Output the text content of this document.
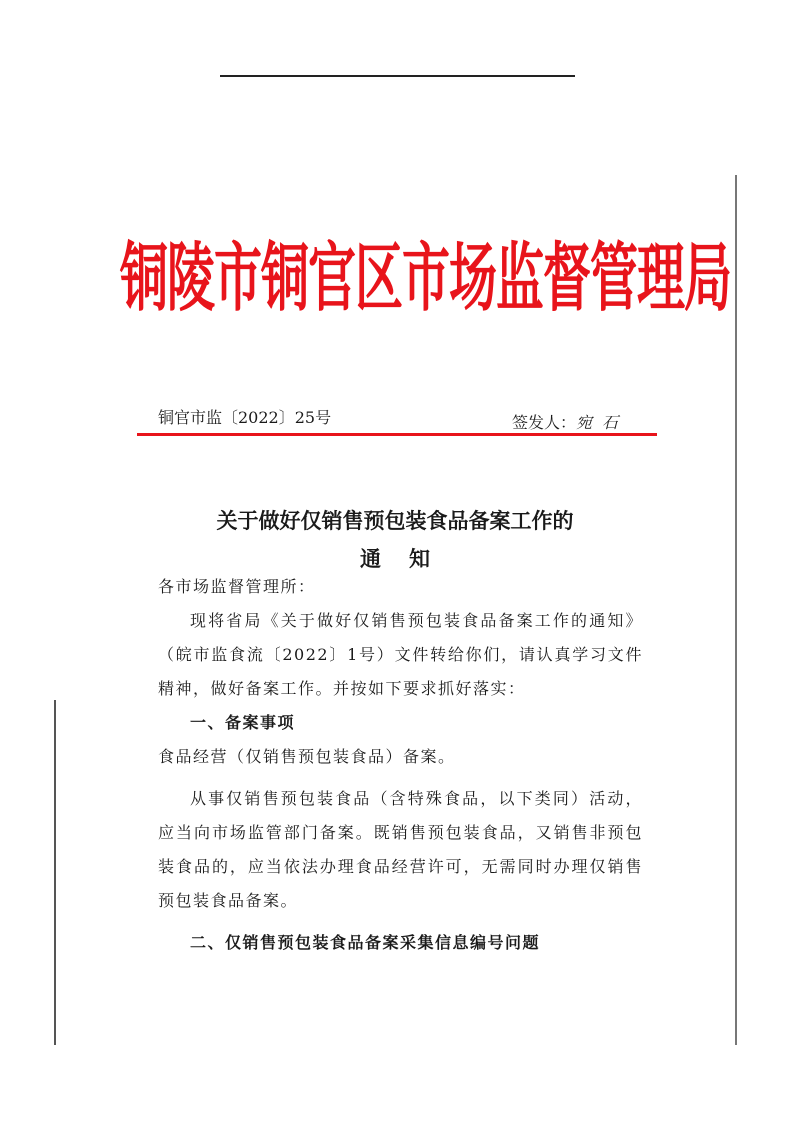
铜陵市铜官区市场监督管理局
铜官市监〔2022〕25号	签发人：宛石
关于做好仅销售预包装食品备案工作的
通知

各市场监督管理所：

现将省局《关于做好仅销售预包装食品备案工作的通知》（皖市监食流〔2022〕1号）文件转给你们，请认真学习文件精神，做好备案工作。并按如下要求抓好落实：

一、备案事项

食品经营（仅销售预包装食品）备案。

从事仅销售预包装食品（含特殊食品，以下类同）活动，应当向市场监管部门备案。既销售预包装食品，又销售非预包装食品的，应当依法办理食品经营许可，无需同时办理仅销售预包装食品备案。

二、仅销售预包装食品备案采集信息编号问题
